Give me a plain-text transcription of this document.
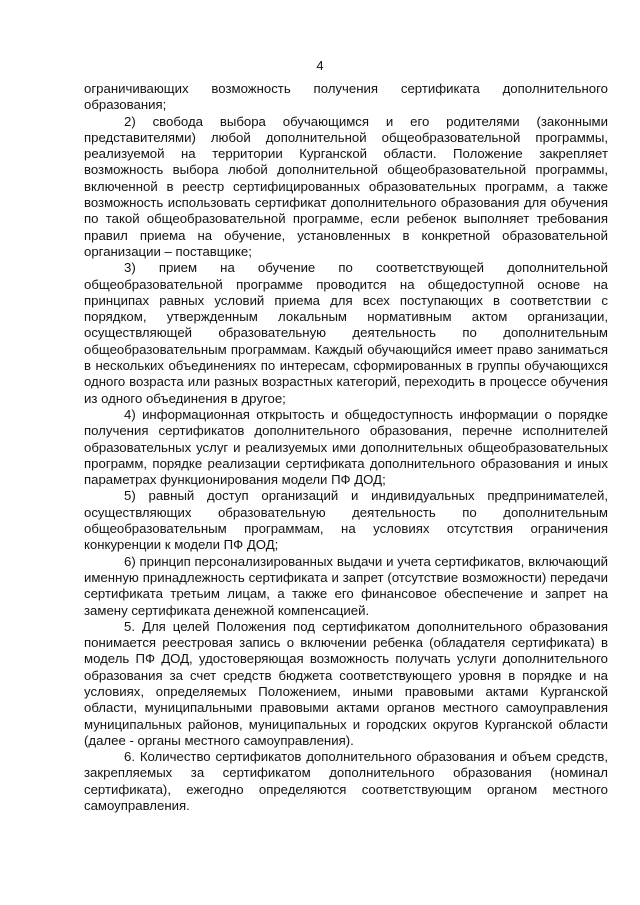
4

ограничивающих возможность получения сертификата дополнительного образования;

2) свобода выбора обучающимся и его родителями (законными представителями) любой дополнительной общеобразовательной программы, реализуемой на территории Курганской области. Положение закрепляет возможность выбора любой дополнительной общеобразовательной программы, включенной в реестр сертифицированных образовательных программ, а также возможность использовать сертификат дополнительного образования для обучения по такой общеобразовательной программе, если ребенок выполняет требования правил приема на обучение, установленных в конкретной образовательной организации – поставщике;

3) прием на обучение по соответствующей дополнительной общеобразовательной программе проводится на общедоступной основе на принципах равных условий приема для всех поступающих в соответствии с порядком, утвержденным локальным нормативным актом организации, осуществляющей образовательную деятельность по дополнительным общеобразовательным программам. Каждый обучающийся имеет право заниматься в нескольких объединениях по интересам, сформированных в группы обучающихся одного возраста или разных возрастных категорий, переходить в процессе обучения из одного объединения в другое;

4) информационная открытость и общедоступность информации о порядке получения сертификатов дополнительного образования, перечне исполнителей образовательных услуг и реализуемых ими дополнительных общеобразовательных программ, порядке реализации сертификата дополнительного образования и иных параметрах функционирования модели ПФ ДОД;

5) равный доступ организаций и индивидуальных предпринимателей, осуществляющих образовательную деятельность по дополнительным общеобразовательным программам, на условиях отсутствия ограничения конкуренции к модели ПФ ДОД;

6) принцип персонализированных выдачи и учета сертификатов, включающий именную принадлежность сертификата и запрет (отсутствие возможности) передачи сертификата третьим лицам, а также его финансовое обеспечение и запрет на замену сертификата денежной компенсацией.

5. Для целей Положения под сертификатом дополнительного образования понимается реестровая запись о включении ребенка (обладателя сертификата) в модель ПФ ДОД, удостоверяющая возможность получать услуги дополнительного образования за счет средств бюджета соответствующего уровня в порядке и на условиях, определяемых Положением, иными правовыми актами Курганской области, муниципальными правовыми актами органов местного самоуправления муниципальных районов, муниципальных и городских округов Курганской области (далее - органы местного самоуправления).

6. Количество сертификатов дополнительного образования и объем средств, закрепляемых за сертификатом дополнительного образования (номинал сертификата), ежегодно определяются соответствующим органом местного самоуправления.
